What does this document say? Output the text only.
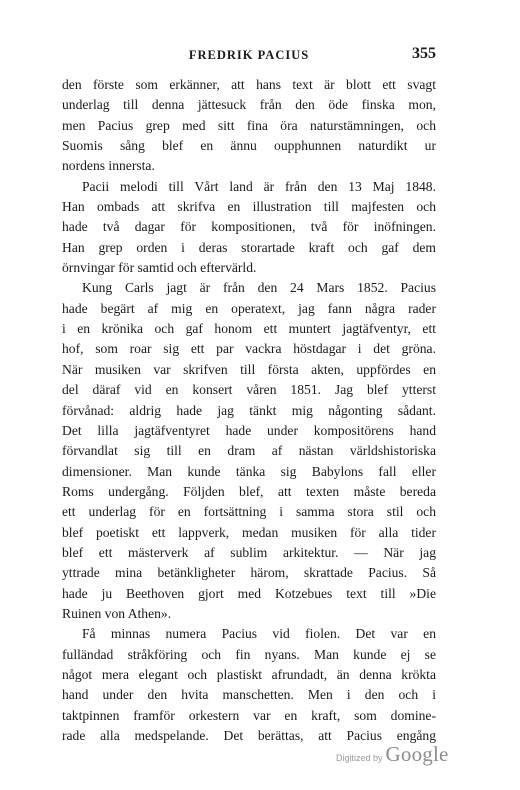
FREDRIK PACIUS	355
den förste som erkänner, att hans text är blott ett svagt
underlag till denna jättesuck från den öde finska mon,
men Pacius grep med sitt fina öra naturstämningen, och
Suomis sång blef en ännu oupphunnen naturdikt ur
nordens innersta.
Pacii melodi till Vårt land är från den 13 Maj 1848.
Han ombads att skrifva en illustration till majfesten och
hade två dagar för kompositionen, två för inöfningen.
Han grep orden i deras storartade kraft och gaf dem
örnvingar för samtid och eftervärld.
Kung Carls jagt är från den 24 Mars 1852. Pacius
hade begärt af mig en operatext, jag fann några rader
i en krönika och gaf honom ett muntert jagtäfventyr, ett
hof, som roar sig ett par vackra höstdagar i det gröna.
När musiken var skrifven till första akten, uppfördes en
del däraf vid en konsert våren 1851. Jag blef ytterst
förvånad: aldrig hade jag tänkt mig någonting sådant.
Det lilla jagtäfventyret hade under kompositörens hand
förvandlat sig till en dram af nästan världshistoriska
dimensioner. Man kunde tänka sig Babylons fall eller
Roms undergång. Följden blef, att texten måste bereda
ett underlag för en fortsättning i samma stora stil och
blef poetiskt ett lappverk, medan musiken för alla tider
blef ett mästerverk af sublim arkitektur. — När jag
yttrade mina betänkligheter härom, skrattade Pacius. Så
hade ju Beethoven gjort med Kotzebues text till »Die
Ruinen von Athen».
Få minnas numera Pacius vid fiolen. Det var en
fulländad stråkföring och fin nyans. Man kunde ej se
något mera elegant och plastiskt afrundadt, än denna krökta
hand under den hvita manschetten. Men i den och i
taktpinnen framför orkestern var en kraft, som domine-
rade alla medspelande. Det berättas, att Pacius engång
Digitized by Google
